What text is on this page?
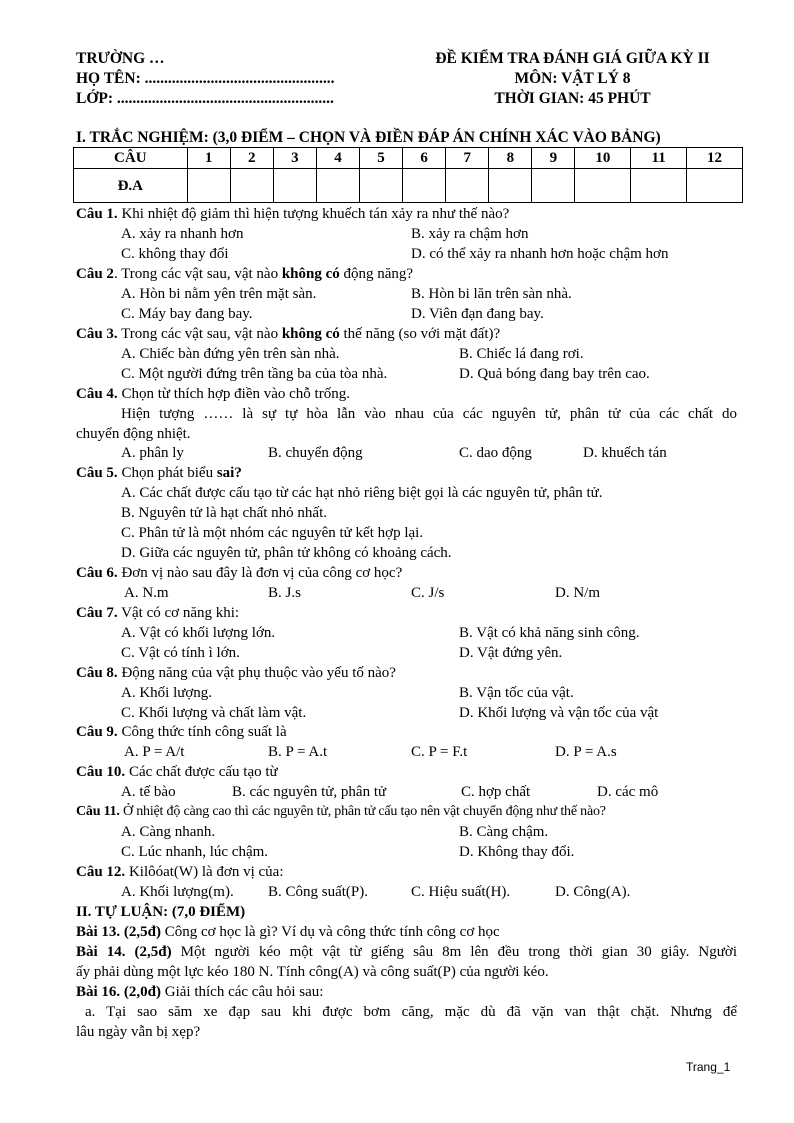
TRƯỜNG …
HỌ TÊN: .................................................
LỚP: ........................................................
ĐỀ KIỂM TRA ĐÁNH GIÁ GIỮA KỲ II
MÔN: VẬT LÝ 8
THỜI GIAN: 45 PHÚT
I. TRẮC NGHIỆM: (3,0 ĐIỂM – CHỌN VÀ ĐIỀN ĐÁP ÁN CHÍNH XÁC VÀO BẢNG)
CÂU	1	2	3	4	5	6	7	8	9	10	11	12
Đ.A												
Câu 1. Khi nhiệt độ giảm thì hiện tượng khuếch tán xảy ra như thế nào?
A. xảy ra nhanh hơn	B. xảy ra chậm hơn
C. không thay đổi	D. có thể xảy ra nhanh hơn hoặc chậm hơn
Câu 2. Trong các vật sau, vật nào không có động năng?
A. Hòn bi nằm yên trên mặt sàn.	B. Hòn bi lăn trên sàn nhà.
C. Máy bay đang bay.	D. Viên đạn đang bay.
Câu 3. Trong các vật sau, vật nào không có thế năng (so với mặt đất)?
A. Chiếc bàn đứng yên trên sàn nhà.	B. Chiếc lá đang rơi.
C. Một người đứng trên tầng ba của tòa nhà.	D. Quả bóng đang bay trên cao.
Câu 4. Chọn từ thích hợp điền vào chỗ trống.
Hiện tượng …… là sự tự hòa lẫn vào nhau của các nguyên tử, phân tử của các chất do
chuyển động nhiệt.
A. phân ly	B. chuyển động	C. dao động	D. khuếch tán
Câu 5. Chọn phát biểu sai?
A. Các chất được cấu tạo từ các hạt nhỏ riêng biệt gọi là các nguyên tử, phân tử.
B. Nguyên tử là hạt chất nhỏ nhất.
C. Phân tử là một nhóm các nguyên tử kết hợp lại.
D. Giữa các nguyên tử, phân tử không có khoảng cách.
Câu 6. Đơn vị nào sau đây là đơn vị của công cơ học?
A. N.m	B. J.s	C. J/s	D. N/m
Câu 7. Vật có cơ năng khi:
A. Vật có khối lượng lớn.	B. Vật có khả năng sinh công.
C. Vật có tính ì lớn.	D. Vật đứng yên.
Câu 8. Động năng của vật phụ thuộc vào yếu tố nào?
A. Khối lượng.	B. Vận tốc của vật.
C. Khối lượng và chất làm vật.	D. Khối lượng và vận tốc của vật
Câu 9. Công thức tính công suất là
A. P = A/t	B. P = A.t	C. P = F.t	D. P = A.s
Câu 10. Các chất được cấu tạo từ
A. tế bào	B. các nguyên tử, phân tử	C. hợp chất	D. các mô
Câu 11. Ở nhiệt độ càng cao thì các nguyên tử, phân tử cấu tạo nên vật chuyển động như thế nào?
A. Càng nhanh.	B. Càng chậm.
C. Lúc nhanh, lúc chậm.	D. Không thay đổi.
Câu 12. Kilôóat(W) là đơn vị của:
A. Khối lượng(m). B. Công suất(P).	C. Hiệu suất(H).	D. Công(A).
II. TỰ LUẬN: (7,0 ĐIỂM)
Bài 13. (2,5đ) Công cơ học là gì? Ví dụ và công thức tính công cơ học
Bài 14. (2,5đ) Một người kéo một vật từ giếng sâu 8m lên đều trong thời gian 30 giây. Người
ấy phải dùng một lực kéo 180 N. Tính công(A) và công suất(P) của người kéo.
Bài 16. (2,0đ) Giải thích các câu hỏi sau:
a. Tại sao săm xe đạp sau khi được bơm căng, mặc dù đã vặn van thật chặt. Nhưng để
lâu ngày vẫn bị xẹp?
Trang_1
